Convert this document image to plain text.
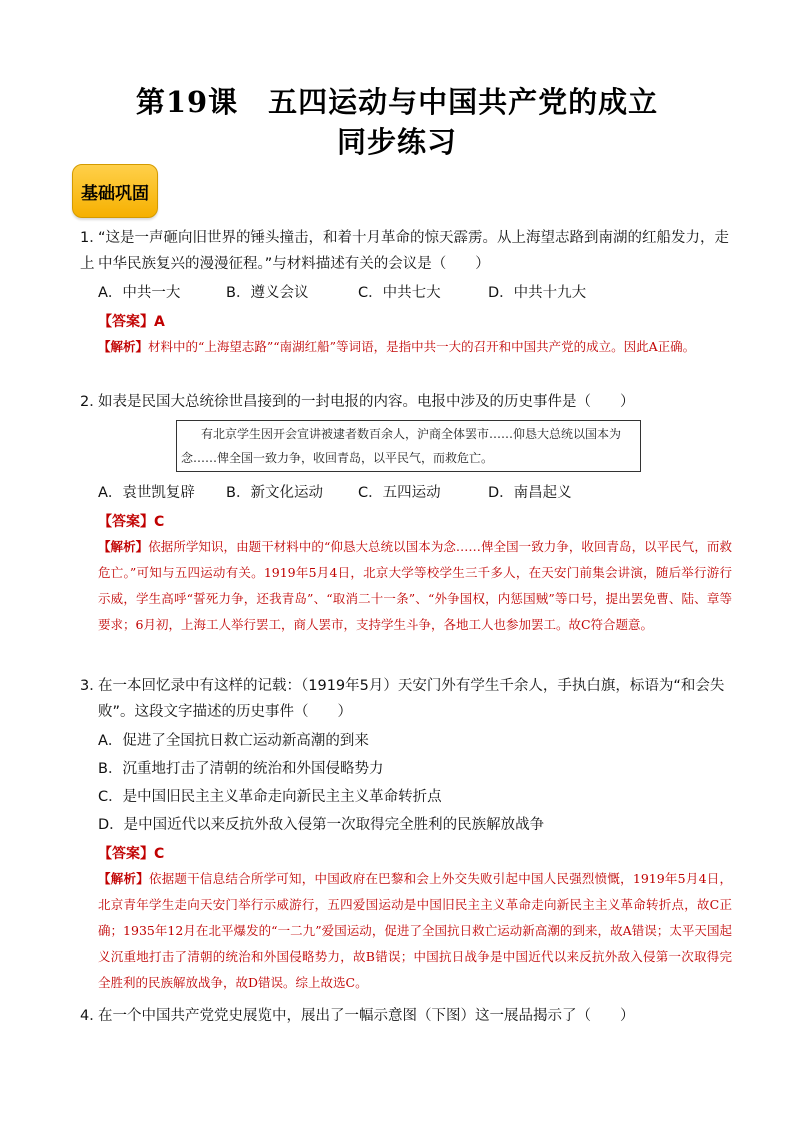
第19课　五四运动与中国共产党的成立
同步练习
基础巩固

1．“这是一声砸向旧世界的锤头撞击，和着十月革命的惊天霹雳。从上海望志路到南湖的红船发力，走上 中华民族复兴的漫漫征程。”与材料描述有关的会议是（　　）

A．中共一大	B．遵义会议	C．中共七大	D．中共十九大
【答案】A

【解析】材料中的“上海望志路”“南湖红船”等词语，是指中共一大的召开和中国共产党的成立。因此A正确。

2．如表是民国大总统徐世昌接到的一封电报的内容。电报中涉及的历史事件是（　　）

有北京学生因开会宣讲被逮者数百余人，沪商全体罢市……仰恳大总统以国本为
念……俾全国一致力争，收回青岛，以平民气，而救危亡。
A．袁世凯复辟 B．新文化运动 C．五四运动	D．南昌起义
【答案】C

【解析】依据所学知识，由题干材料中的“仰恳大总统以国本为念……俾全国一致力争，收回青岛，以平民气，而救危亡。”可知与五四运动有关。1919年5月4日，北京大学等校学生三千多人，在天安门前集会讲演，随后举行游行示威，学生高呼“誓死力争，还我青岛”、“取消二十一条”、“外争国权，内惩国贼”等口号，提出罢免曹、陆、章等要求；6月初，上海工人举行罢工，商人罢市，支持学生斗争，各地工人也参加罢工。故C符合题意。

3．在一本回忆录中有这样的记载：（1919年5月）天安门外有学生千余人，手执白旗，标语为“和会失

败”。这段文字描述的历史事件（　　）

A．促进了全国抗日救亡运动新高潮的到来
B．沉重地打击了清朝的统治和外国侵略势力
C．是中国旧民主主义革命走向新民主主义革命转折点
D．是中国近代以来反抗外敌入侵第一次取得完全胜利的民族解放战争
【答案】C

【解析】依据题干信息结合所学可知，中国政府在巴黎和会上外交失败引起中国人民强烈愤慨，1919年5月4日，北京青年学生走向天安门举行示威游行，五四爱国运动是中国旧民主主义革命走向新民主主义革命转折点，故C正确；1935年12月在北平爆发的“一二九”爱国运动，促进了全国抗日救亡运动新高潮的到来，故A错误；太平天国起义沉重地打击了清朝的统治和外国侵略势力，故B错误；中国抗日战争是中国近代以来反抗外敌入侵第一次取得完全胜利的民族解放战争，故D错误。综上故选C。

4．在一个中国共产党党史展览中，展出了一幅示意图（下图）这一展品揭示了（　　）
